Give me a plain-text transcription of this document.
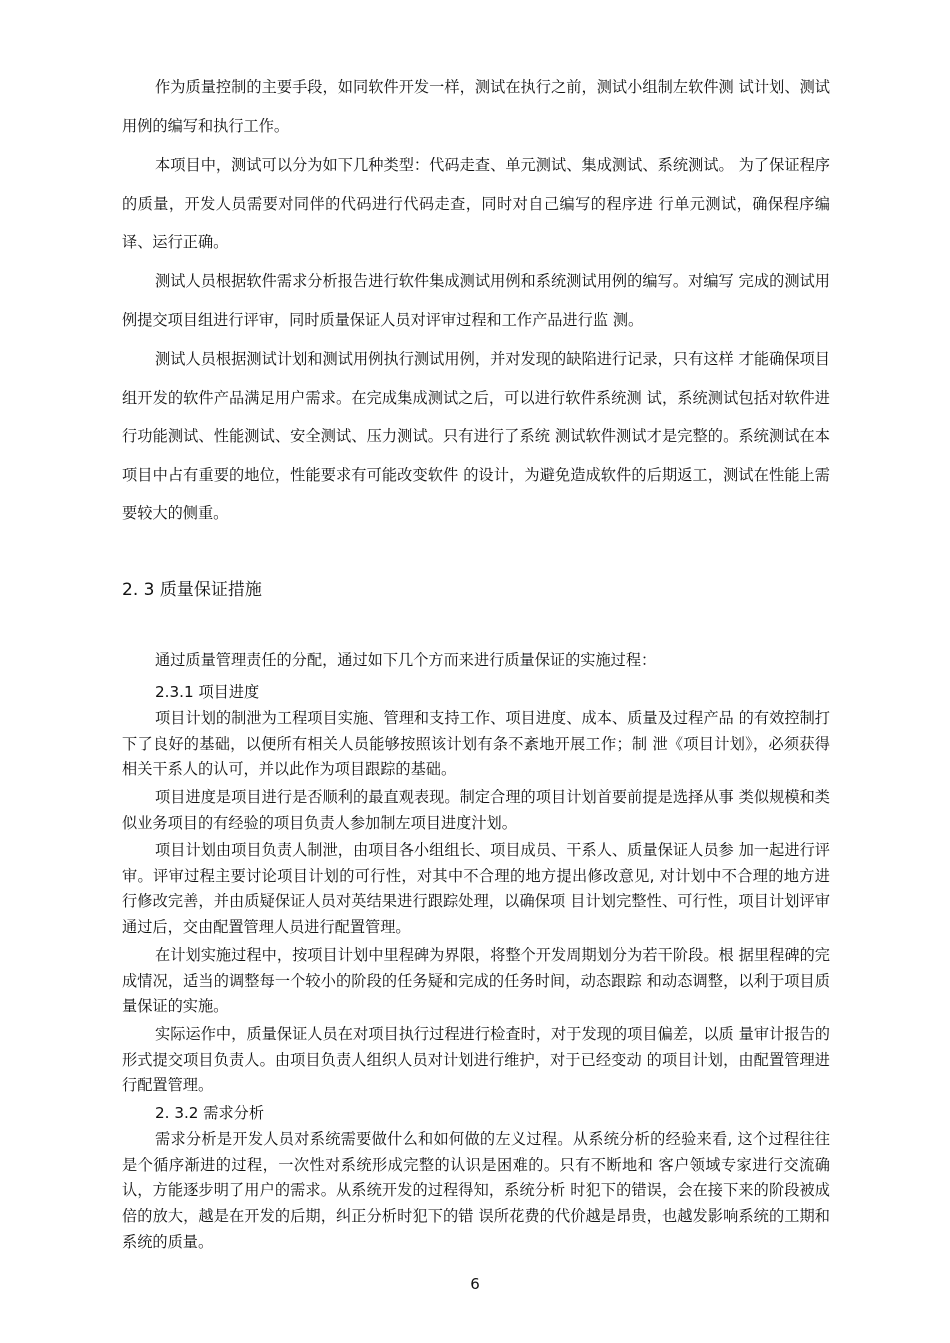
作为质量控制的主要手段，如同软件开发一样，测试在执行之前，测试小组制左软件测 试计划、测试用例的编写和执行工作。

本项目中，测试可以分为如下几种类型：代码走查、单元测试、集成测试、系统测试。 为了保证程序的质量，开发人员需要对同伴的代码进行代码走查，同时对自己编写的程序进 行单元测试，确保程序编译、运行正确。

测试人员根据软件需求分析报告进行软件集成测试用例和系统测试用例的编写。对编写 完成的测试用例提交项目组进行评审，同时质量保证人员对评审过程和工作产品进行监 测。

测试人员根据测试计划和测试用例执行测试用例，并对发现的缺陷进行记录，只有这样 才能确保项目组开发的软件产品满足用户需求。在完成集成测试之后，可以进行软件系统测 试，系统测试包括对软件进行功能测试、性能测试、安全测试、压力测试。只有进行了系统 测试软件测试才是完整的。系统测试在本项目中占有重要的地位，性能要求有可能改变软件 的设计，为避免造成软件的后期返工，测试在性能上需要较大的侧重。

2. 3 质量保证措施

通过质量管理责任的分配，通过如下几个方而来进行质量保证的实施过程：

2.3.1 项目进度

项目计划的制泄为工程项目实施、管理和支持工作、项目进度、成本、质量及过程产品 的有效控制打下了良好的基础，以便所有相关人员能够按照该计划有条不紊地开展工作；制 泄《项目计划》，必须获得相关干系人的认可，并以此作为项目跟踪的基础。

项目进度是项目进行是否顺利的最直观表现。制定合理的项目计划首要前提是选择从事 类似规模和类似业务项目的有经验的项目负责人参加制左项目进度汁划。

项目计划由项目负责人制泄，由项目各小组组长、项目成员、干系人、质量保证人员参 加一起进行评审。评审过程主要讨论项目计划的可行性，对其中不合理的地方提出修改意见, 对计划中不合理的地方进行修改完善，并由质疑保证人员对英结果进行跟踪处理，以确保项 目计划完整性、可行性，项目计划评审通过后，交由配置管理人员进行配置管理。

在计划实施过程中，按项目计划中里程碑为界限，将整个开发周期划分为若干阶段。根 据里程碑的完成情况，适当的调整每一个较小的阶段的任务疑和完成的任务时间，动态跟踪 和动态调整，以利于项目质量保证的实施。

实际运作中，质量保证人员在对项目执行过程进行检査时，对于发现的项目偏差，以质 量审计报告的形式提交项目负责人。由项目负责人组织人员对计划进行维护，对于已经变动 的项目计划，由配置管理进行配置管理。

2. 3.2 需求分析

需求分析是开发人员对系统需要做什么和如何做的左义过程。从系统分析的经验来看, 这个过程往往是个循序渐进的过程，一次性对系统形成完整的认识是困难的。只有不断地和 客户领域专家进行交流确认，方能逐步明了用户的需求。从系统开发的过程得知，系统分析 时犯下的错误，会在接下来的阶段被成倍的放大，越是在开发的后期，纠正分析时犯下的错 误所花费的代价越是昂贵，也越发影响系统的工期和系统的质量。

6
